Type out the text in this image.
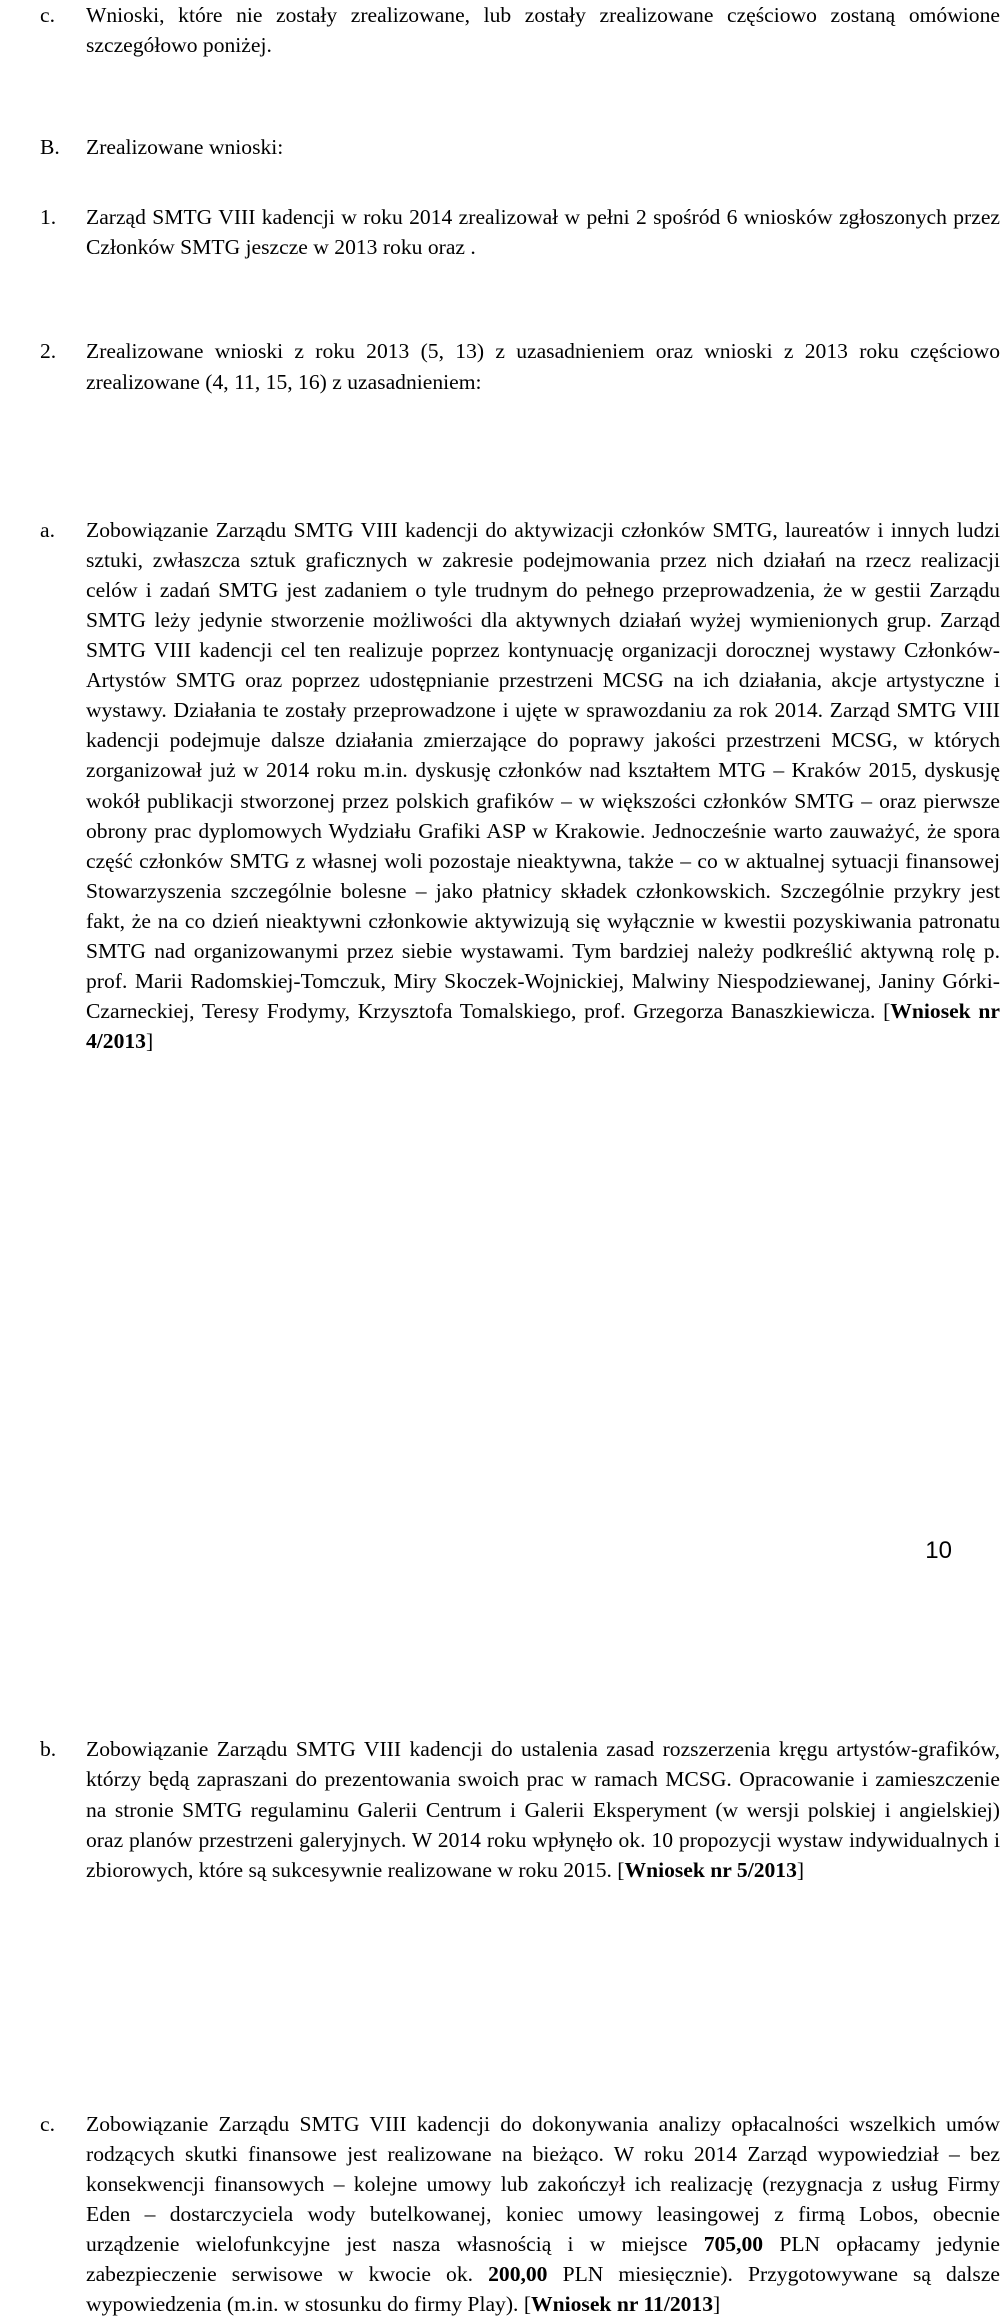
c. Wnioski, które nie zostały zrealizowane, lub zostały zrealizowane częściowo zostaną omówione szczegółowo poniżej.
B. Zrealizowane wnioski:
1. Zarząd SMTG VIII kadencji w roku 2014 zrealizował w pełni 2 spośród 6 wniosków zgłoszonych przez Członków SMTG jeszcze w 2013 roku oraz .
2. Zrealizowane wnioski z roku 2013 (5, 13) z uzasadnieniem oraz wnioski z 2013 roku częściowo zrealizowane (4, 11, 15, 16) z uzasadnieniem:
a. Zobowiązanie Zarządu SMTG VIII kadencji do aktywizacji członków SMTG, laureatów i innych ludzi sztuki, zwłaszcza sztuk graficznych w zakresie podejmowania przez nich działań na rzecz realizacji celów i zadań SMTG jest zadaniem o tyle trudnym do pełnego przeprowadzenia, że w gestii Zarządu SMTG leży jedynie stworzenie możliwości dla aktywnych działań wyżej wymienionych grup. Zarząd SMTG VIII kadencji cel ten realizuje poprzez kontynuację organizacji dorocznej wystawy Członków-Artystów SMTG oraz poprzez udostępnianie przestrzeni MCSG na ich działania, akcje artystyczne i wystawy. Działania te zostały przeprowadzone i ujęte w sprawozdaniu za rok 2014. Zarząd SMTG VIII kadencji podejmuje dalsze działania zmierzające do poprawy jakości przestrzeni MCSG, w których zorganizował już w 2014 roku m.in. dyskusję członków nad kształtem MTG – Kraków 2015, dyskusję wokół publikacji stworzonej przez polskich grafików – w większości członków SMTG – oraz pierwsze obrony prac dyplomowych Wydziału Grafiki ASP w Krakowie. Jednocześnie warto zauważyć, że spora część członków SMTG z własnej woli pozostaje nieaktywna, także – co w aktualnej sytuacji finansowej Stowarzyszenia szczególnie bolesne – jako płatnicy składek członkowskich. Szczególnie przykry jest fakt, że na co dzień nieaktywni członkowie aktywizują się wyłącznie w kwestii pozyskiwania patronatu SMTG nad organizowanymi przez siebie wystawami. Tym bardziej należy podkreślić aktywną rolę p. prof. Marii Radomskiej-Tomczuk, Miry Skoczek-Wojnickiej, Malwiny Niespodziewanej, Janiny Górki-Czarneckiej, Teresy Frodymy, Krzysztofa Tomalskiego, prof. Grzegorza Banaszkiewicza. [Wniosek nr 4/2013]
b. Zobowiązanie Zarządu SMTG VIII kadencji do ustalenia zasad rozszerzenia kręgu artystów-grafików, którzy będą zapraszani do prezentowania swoich prac w ramach MCSG. Opracowanie i zamieszczenie na stronie SMTG regulaminu Galerii Centrum i Galerii Eksperyment (w wersji polskiej i angielskiej) oraz planów przestrzeni galeryjnych. W 2014 roku wpłynęło ok. 10 propozycji wystaw indywidualnych i zbiorowych, które są sukcesywnie realizowane w roku 2015. [Wniosek nr 5/2013]
c. Zobowiązanie Zarządu SMTG VIII kadencji do dokonywania analizy opłacalności wszelkich umów rodzących skutki finansowe jest realizowane na bieżąco. W roku 2014 Zarząd wypowiedział – bez konsekwencji finansowych – kolejne umowy lub zakończył ich realizację (rezygnacja z usług Firmy Eden – dostarczyciela wody butelkowanej, koniec umowy leasingowej z firmą Lobos, obecnie urządzenie wielofunkcyjne jest nasza własnością i w miejsce 705,00 PLN opłacamy jedynie zabezpieczenie serwisowe w kwocie ok. 200,00 PLN miesięcznie). Przygotowywane są dalsze wypowiedzenia (m.in. w stosunku do firmy Play). [Wniosek nr 11/2013]
10
